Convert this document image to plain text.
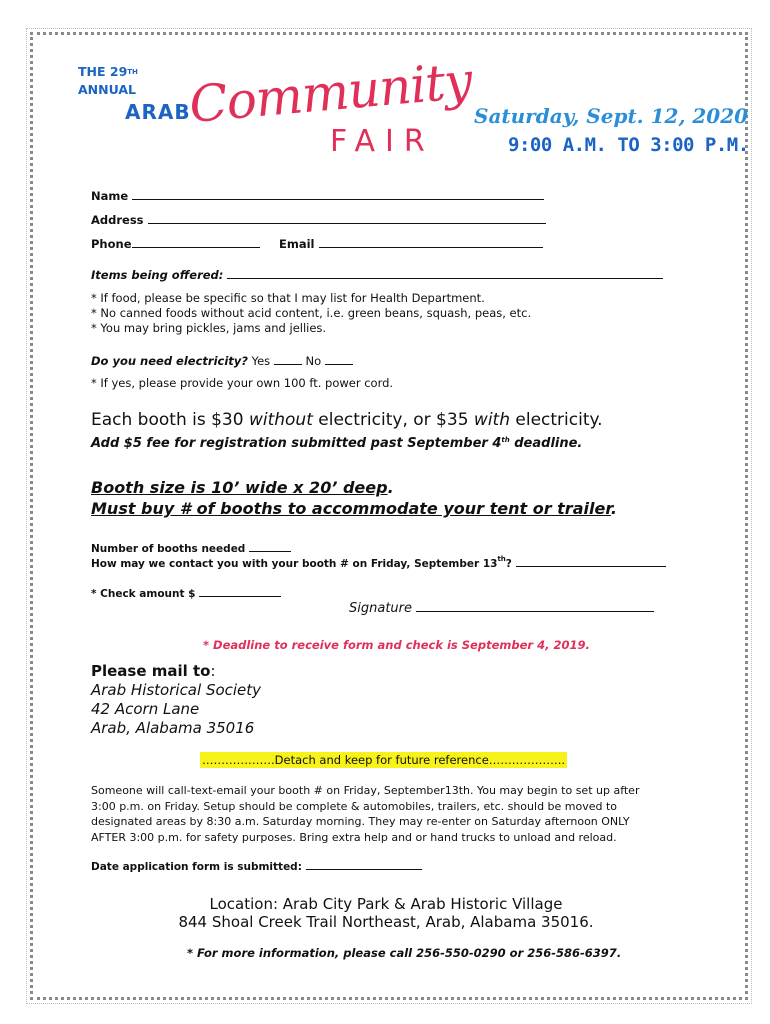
THE 29TH
ANNUAL
ARAB
Community
FAIR
Saturday, Sept. 12, 2020
9:00 A.M. TO 3:00 P.M.
Name
Address
Phone	Email
Items being offered:
* If food, please be specific so that I may list for Health Department.
* No canned foods without acid content, i.e. green beans, squash, peas, etc.
* You may bring pickles, jams and jellies.
Do you need electricity? Yes	No
* If yes, please provide your own 100 ft. power cord.
Each booth is $30 without electricity, or $35 with electricity.
Add $5 fee for registration submitted past September 4th deadline.
Booth size is 10’ wide x 20’ deep.
Must buy # of booths to accommodate your tent or trailer.
Number of booths needed
How may we contact you with your booth # on Friday, September 13th?
* Check amount $
Signature
* Deadline to receive form and check is September 4, 2019.
Please mail to:
Arab Historical Society
42 Acorn Lane
Arab, Alabama 35016
……………….Detach and keep for future reference………………..
Someone will call-text-email your booth # on Friday, September13th. You may begin to set up after 3:00 p.m. on Friday. Setup should be complete & automobiles, trailers, etc. should be moved to designated areas by 8:30 a.m. Saturday morning. They may re-enter on Saturday afternoon ONLY AFTER 3:00 p.m. for safety purposes. Bring extra help and or hand trucks to unload and reload.
Date application form is submitted:
Location: Arab City Park & Arab Historic Village
844 Shoal Creek Trail Northeast, Arab, Alabama 35016.
* For more information, please call 256-550-0290 or 256-586-6397.
